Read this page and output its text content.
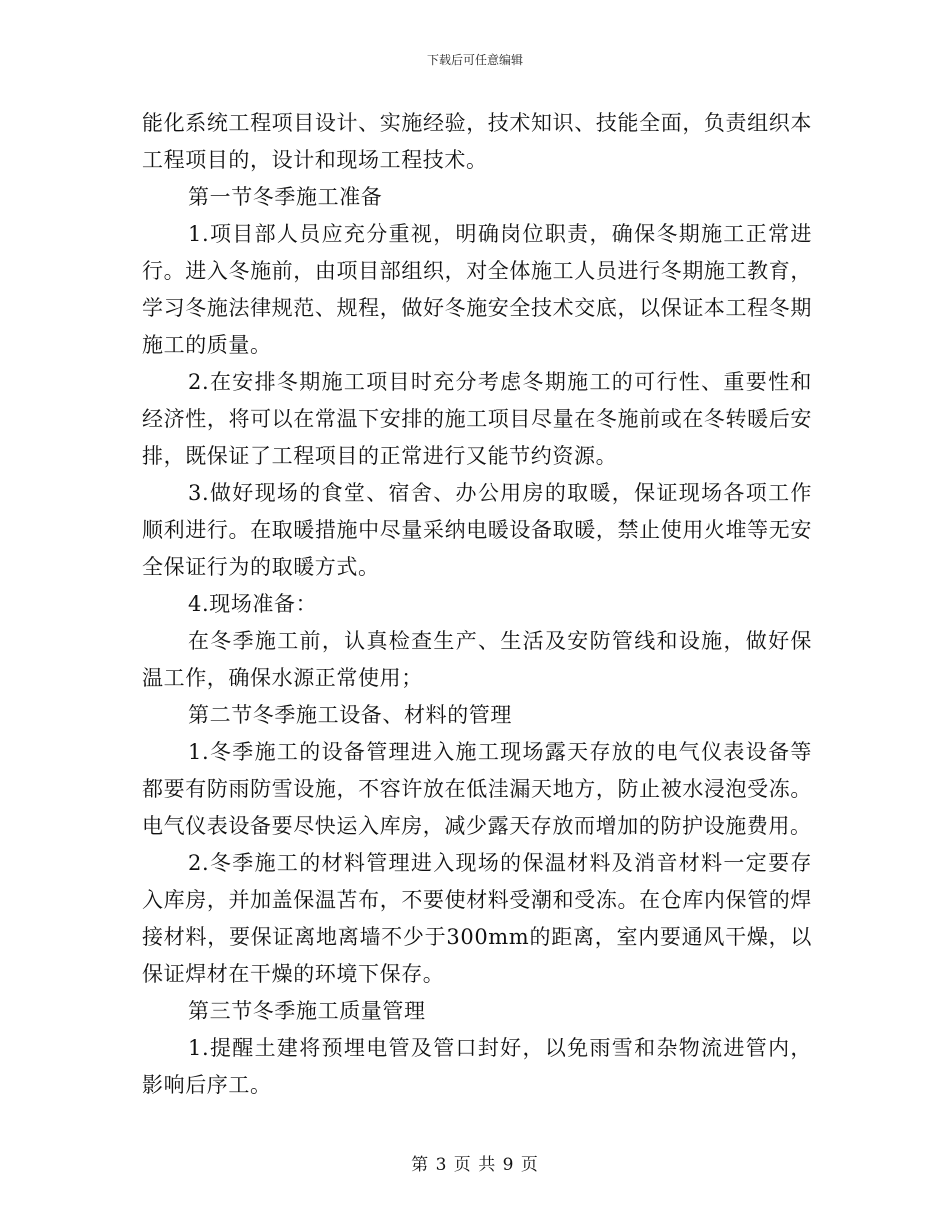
下载后可任意编辑

能化系统工程项目设计、实施经验，技术知识、技能全面，负责组织本工程项目的，设计和现场工程技术。

第一节冬季施工准备

1.项目部人员应充分重视，明确岗位职责，确保冬期施工正常进行。进入冬施前，由项目部组织，对全体施工人员进行冬期施工教育，学习冬施法律规范、规程，做好冬施安全技术交底，以保证本工程冬期施工的质量。

2.在安排冬期施工项目时充分考虑冬期施工的可行性、重要性和经济性，将可以在常温下安排的施工项目尽量在冬施前或在冬转暖后安排，既保证了工程项目的正常进行又能节约资源。

3.做好现场的食堂、宿舍、办公用房的取暖，保证现场各项工作顺利进行。在取暖措施中尽量采纳电暖设备取暖，禁止使用火堆等无安全保证行为的取暖方式。

4.现场准备：

在冬季施工前，认真检查生产、生活及安防管线和设施，做好保温工作，确保水源正常使用；

第二节冬季施工设备、材料的管理

1.冬季施工的设备管理进入施工现场露天存放的电气仪表设备等都要有防雨防雪设施，不容许放在低洼漏天地方，防止被水浸泡受冻。电气仪表设备要尽快运入库房，减少露天存放而增加的防护设施费用。

2.冬季施工的材料管理进入现场的保温材料及消音材料一定要存入库房，并加盖保温苫布，不要使材料受潮和受冻。在仓库内保管的焊接材料，要保证离地离墙不少于300mm的距离，室内要通风干燥，以保证焊材在干燥的环境下保存。

第三节冬季施工质量管理

1.提醒土建将预埋电管及管口封好，以免雨雪和杂物流进管内，影响后序工。

第 3 页 共 9 页
